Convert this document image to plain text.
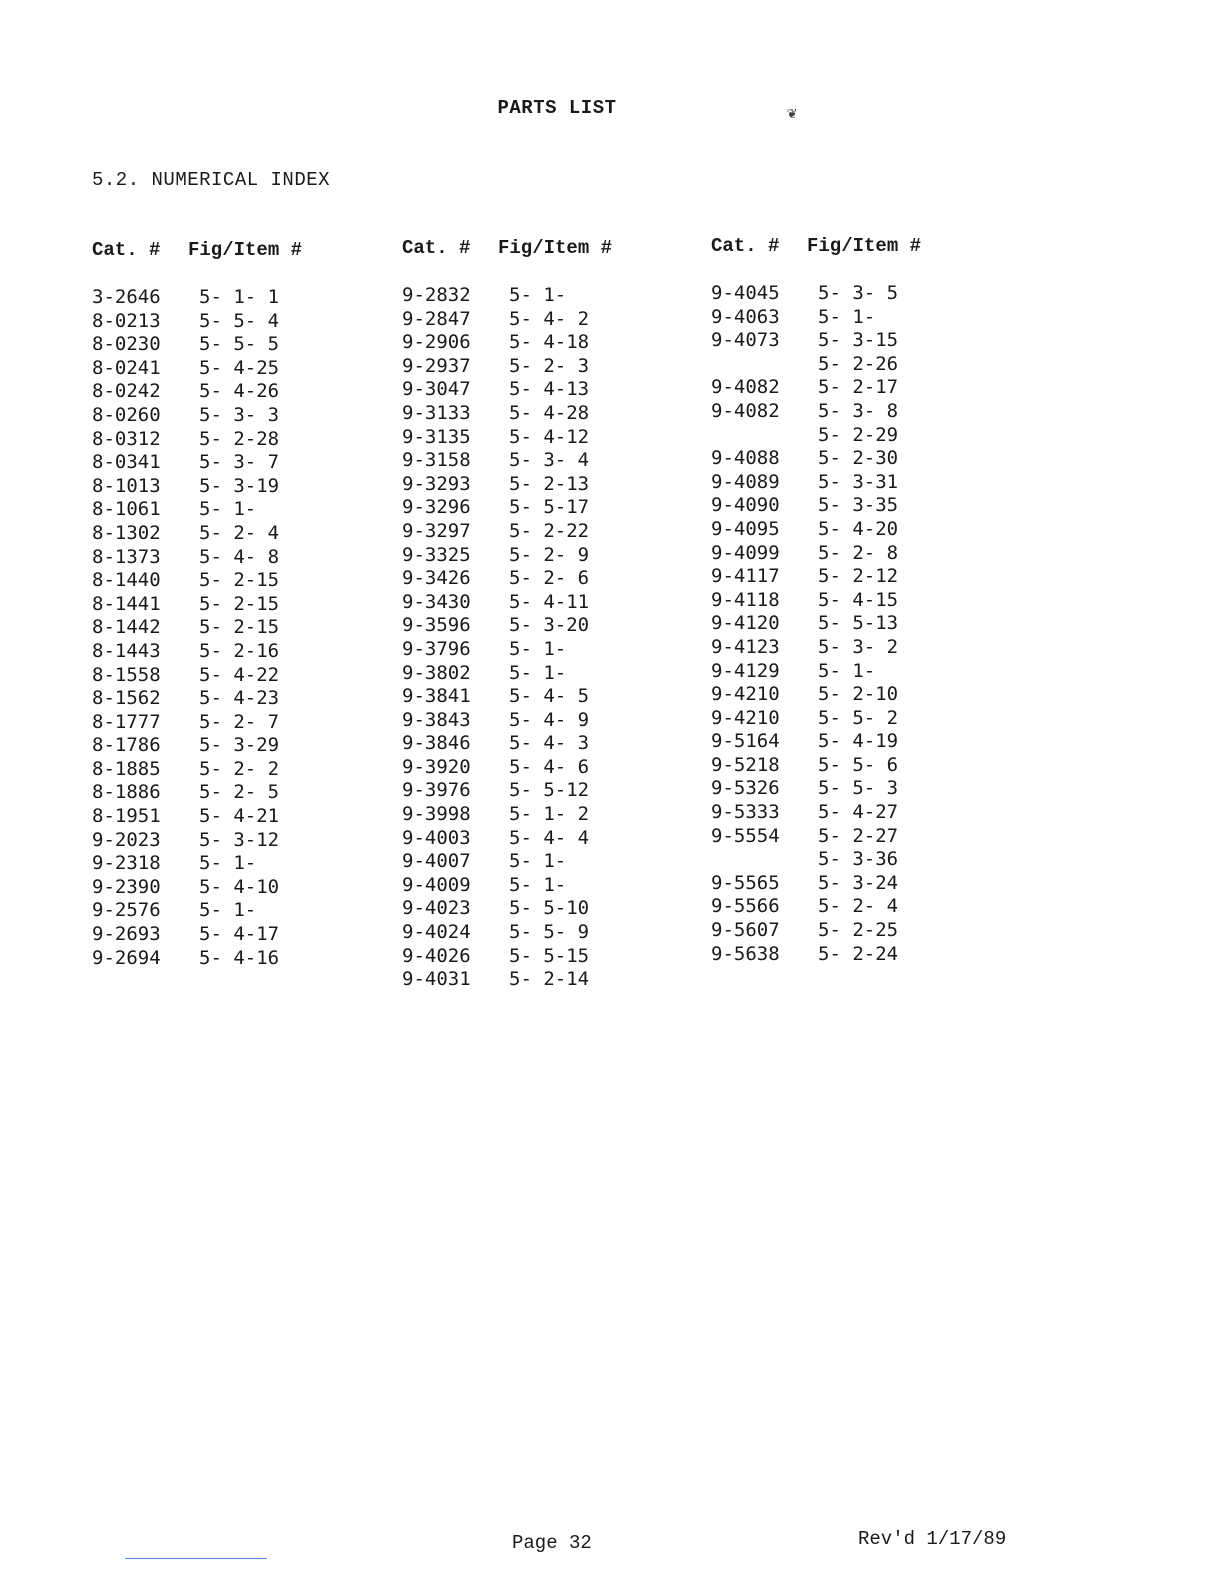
PARTS LIST	❦
5.2. NUMERICAL INDEX
Cat. # Fig/Item #
3-2646 5- 1- 1
8-0213 5- 5- 4
8-0230 5- 5- 5
8-0241 5- 4-25
8-0242 5- 4-26
8-0260 5- 3- 3
8-0312 5- 2-28
8-0341 5- 3- 7
8-1013 5- 3-19
8-1061 5- 1-
8-1302 5- 2- 4
8-1373 5- 4- 8
8-1440 5- 2-15
8-1441 5- 2-15
8-1442 5- 2-15
8-1443 5- 2-16
8-1558 5- 4-22
8-1562 5- 4-23
8-1777 5- 2- 7
8-1786 5- 3-29
8-1885 5- 2- 2
8-1886 5- 2- 5
8-1951 5- 4-21
9-2023 5- 3-12
9-2318 5- 1-
9-2390 5- 4-10
9-2576 5- 1-
9-2693 5- 4-17
9-2694 5- 4-16
Cat. # Fig/Item #
9-2832 5- 1-
9-2847 5- 4- 2
9-2906 5- 4-18
9-2937 5- 2- 3
9-3047 5- 4-13
9-3133 5- 4-28
9-3135 5- 4-12
9-3158 5- 3- 4
9-3293 5- 2-13
9-3296 5- 5-17
9-3297 5- 2-22
9-3325 5- 2- 9
9-3426 5- 2- 6
9-3430 5- 4-11
9-3596 5- 3-20
9-3796 5- 1-
9-3802 5- 1-
9-3841 5- 4- 5
9-3843 5- 4- 9
9-3846 5- 4- 3
9-3920 5- 4- 6
9-3976 5- 5-12
9-3998 5- 1- 2
9-4003 5- 4- 4
9-4007 5- 1-
9-4009 5- 1-
9-4023 5- 5-10
9-4024 5- 5- 9
9-4026 5- 5-15
9-4031 5- 2-14
Cat. # Fig/Item #
9-4045 5- 3- 5
9-4063 5- 1-
9-4073 5- 3-15
5- 2-26
9-4082 5- 2-17
9-4082 5- 3- 8
5- 2-29
9-4088 5- 2-30
9-4089 5- 3-31
9-4090 5- 3-35
9-4095 5- 4-20
9-4099 5- 2- 8
9-4117 5- 2-12
9-4118 5- 4-15
9-4120 5- 5-13
9-4123 5- 3- 2
9-4129 5- 1-
9-4210 5- 2-10
9-4210 5- 5- 2
9-5164 5- 4-19
9-5218 5- 5- 6
9-5326 5- 5- 3
9-5333 5- 4-27
9-5554 5- 2-27
5- 3-36
9-5565 5- 3-24
9-5566 5- 2- 4
9-5607 5- 2-25
9-5638 5- 2-24
Page 32	Rev'd 1/17/89
